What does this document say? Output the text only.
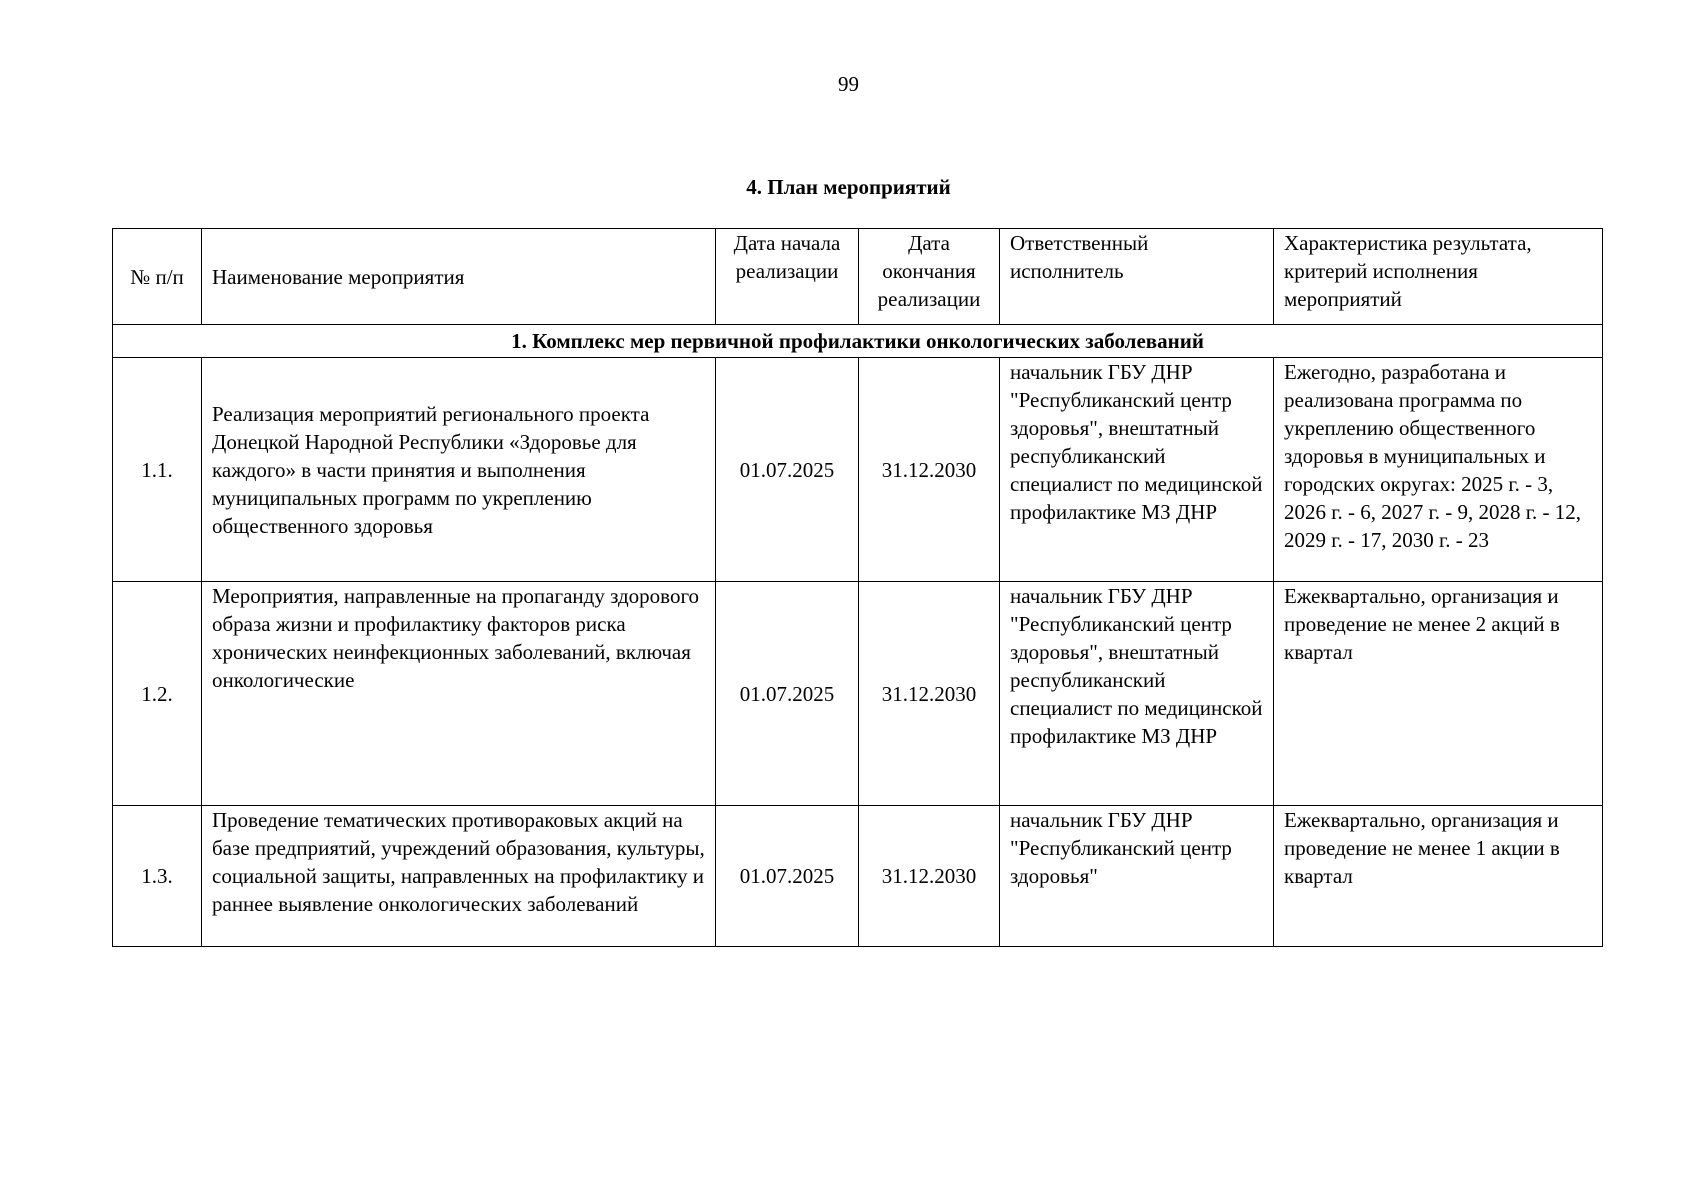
99
4. План мероприятий
№ п/п	Наименование мероприятия	Дата начала реализации	Дата окончания реализации	Ответственный исполнитель	Характеристика результата, критерий исполнения мероприятий
1. Комплекс мер первичной профилактики онкологических заболеваний					
1.1.	Реализация мероприятий регионального проекта Донецкой Народной Республики «Здоровье для каждого» в части принятия и выполнения муниципальных программ по укреплению общественного здоровья	01.07.2025	31.12.2030	начальник ГБУ ДНР "Республиканский центр здоровья", внештатный республиканский специалист по медицинской профилактике МЗ ДНР	Ежегодно, разработана и реализована программа по укреплению общественного здоровья в муниципальных и городских округах: 2025 г. - 3, 2026 г. - 6, 2027 г. - 9, 2028 г. - 12, 2029 г. - 17, 2030 г. - 23
1.2.	Мероприятия, направленные на пропаганду здорового образа жизни и профилактику факторов риска хронических неинфекционных заболеваний, включая онкологические	01.07.2025	31.12.2030	начальник ГБУ ДНР "Республиканский центр здоровья", внештатный республиканский специалист по медицинской профилактике МЗ ДНР	Ежеквартально, организация и проведение не менее 2 акций в квартал
1.3.	Проведение тематических противораковых акций на базе предприятий, учреждений образования, культуры, социальной защиты, направленных на профилактику и раннее выявление онкологических заболеваний	01.07.2025	31.12.2030	начальник ГБУ ДНР "Республиканский центр здоровья"	Ежеквартально, организация и проведение не менее 1 акции в квартал
